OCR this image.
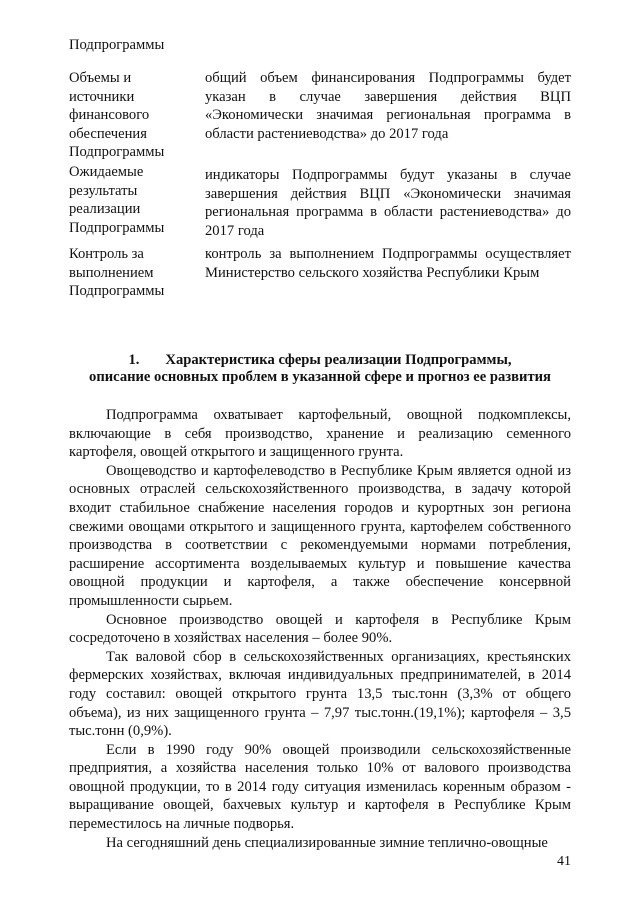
Подпрограммы

Объемы и источники финансового обеспечения Подпрограммы

общий объем финансирования Подпрограммы будет указан в случае завершения действия ВЦП «Экономически значимая региональная программа в области растениеводства» до 2017 года

Ожидаемые результаты реализации Подпрограммы

индикаторы Подпрограммы будут указаны в случае завершения действия ВЦП «Экономически значимая региональная программа в области растениеводства» до 2017 года

Контроль за выполнением Подпрограммы

контроль за выполнением Подпрограммы осуществляет Министерство сельского хозяйства Республики Крым

1. Характеристика сферы реализации Подпрограммы,
описание основных проблем в указанной сфере и прогноз ее развития

Подпрограмма охватывает картофельный, овощной подкомплексы, включающие в себя производство, хранение и реализацию семенного картофеля, овощей открытого и защищенного грунта.

Овощеводство и картофелеводство в Республике Крым является одной из основных отраслей сельскохозяйственного производства, в задачу которой входит стабильное снабжение населения городов и курортных зон региона свежими овощами открытого и защищенного грунта, картофелем собственного производства в соответствии с рекомендуемыми нормами потребления, расширение ассортимента возделываемых культур и повышение качества овощной продукции и картофеля, а также обеспечение консервной промышленности сырьем.

Основное производство овощей и картофеля в Республике Крым сосредоточено в хозяйствах населения – более 90%.

Так валовой сбор в сельскохозяйственных организациях, крестьянских фермерских хозяйствах, включая индивидуальных предпринимателей, в 2014 году составил: овощей открытого грунта 13,5 тыс.тонн (3,3% от общего объема), из них защищенного грунта – 7,97 тыс.тонн.(19,1%); картофеля – 3,5 тыс.тонн (0,9%).

Если в 1990 году 90% овощей производили сельскохозяйственные предприятия, а хозяйства населения только 10% от валового производства овощной продукции, то в 2014 году ситуация изменилась коренным образом - выращивание овощей, бахчевых культур и картофеля в Республике Крым переместилось на личные подворья.

На сегодняшний день специализированные зимние теплично-овощные

41
